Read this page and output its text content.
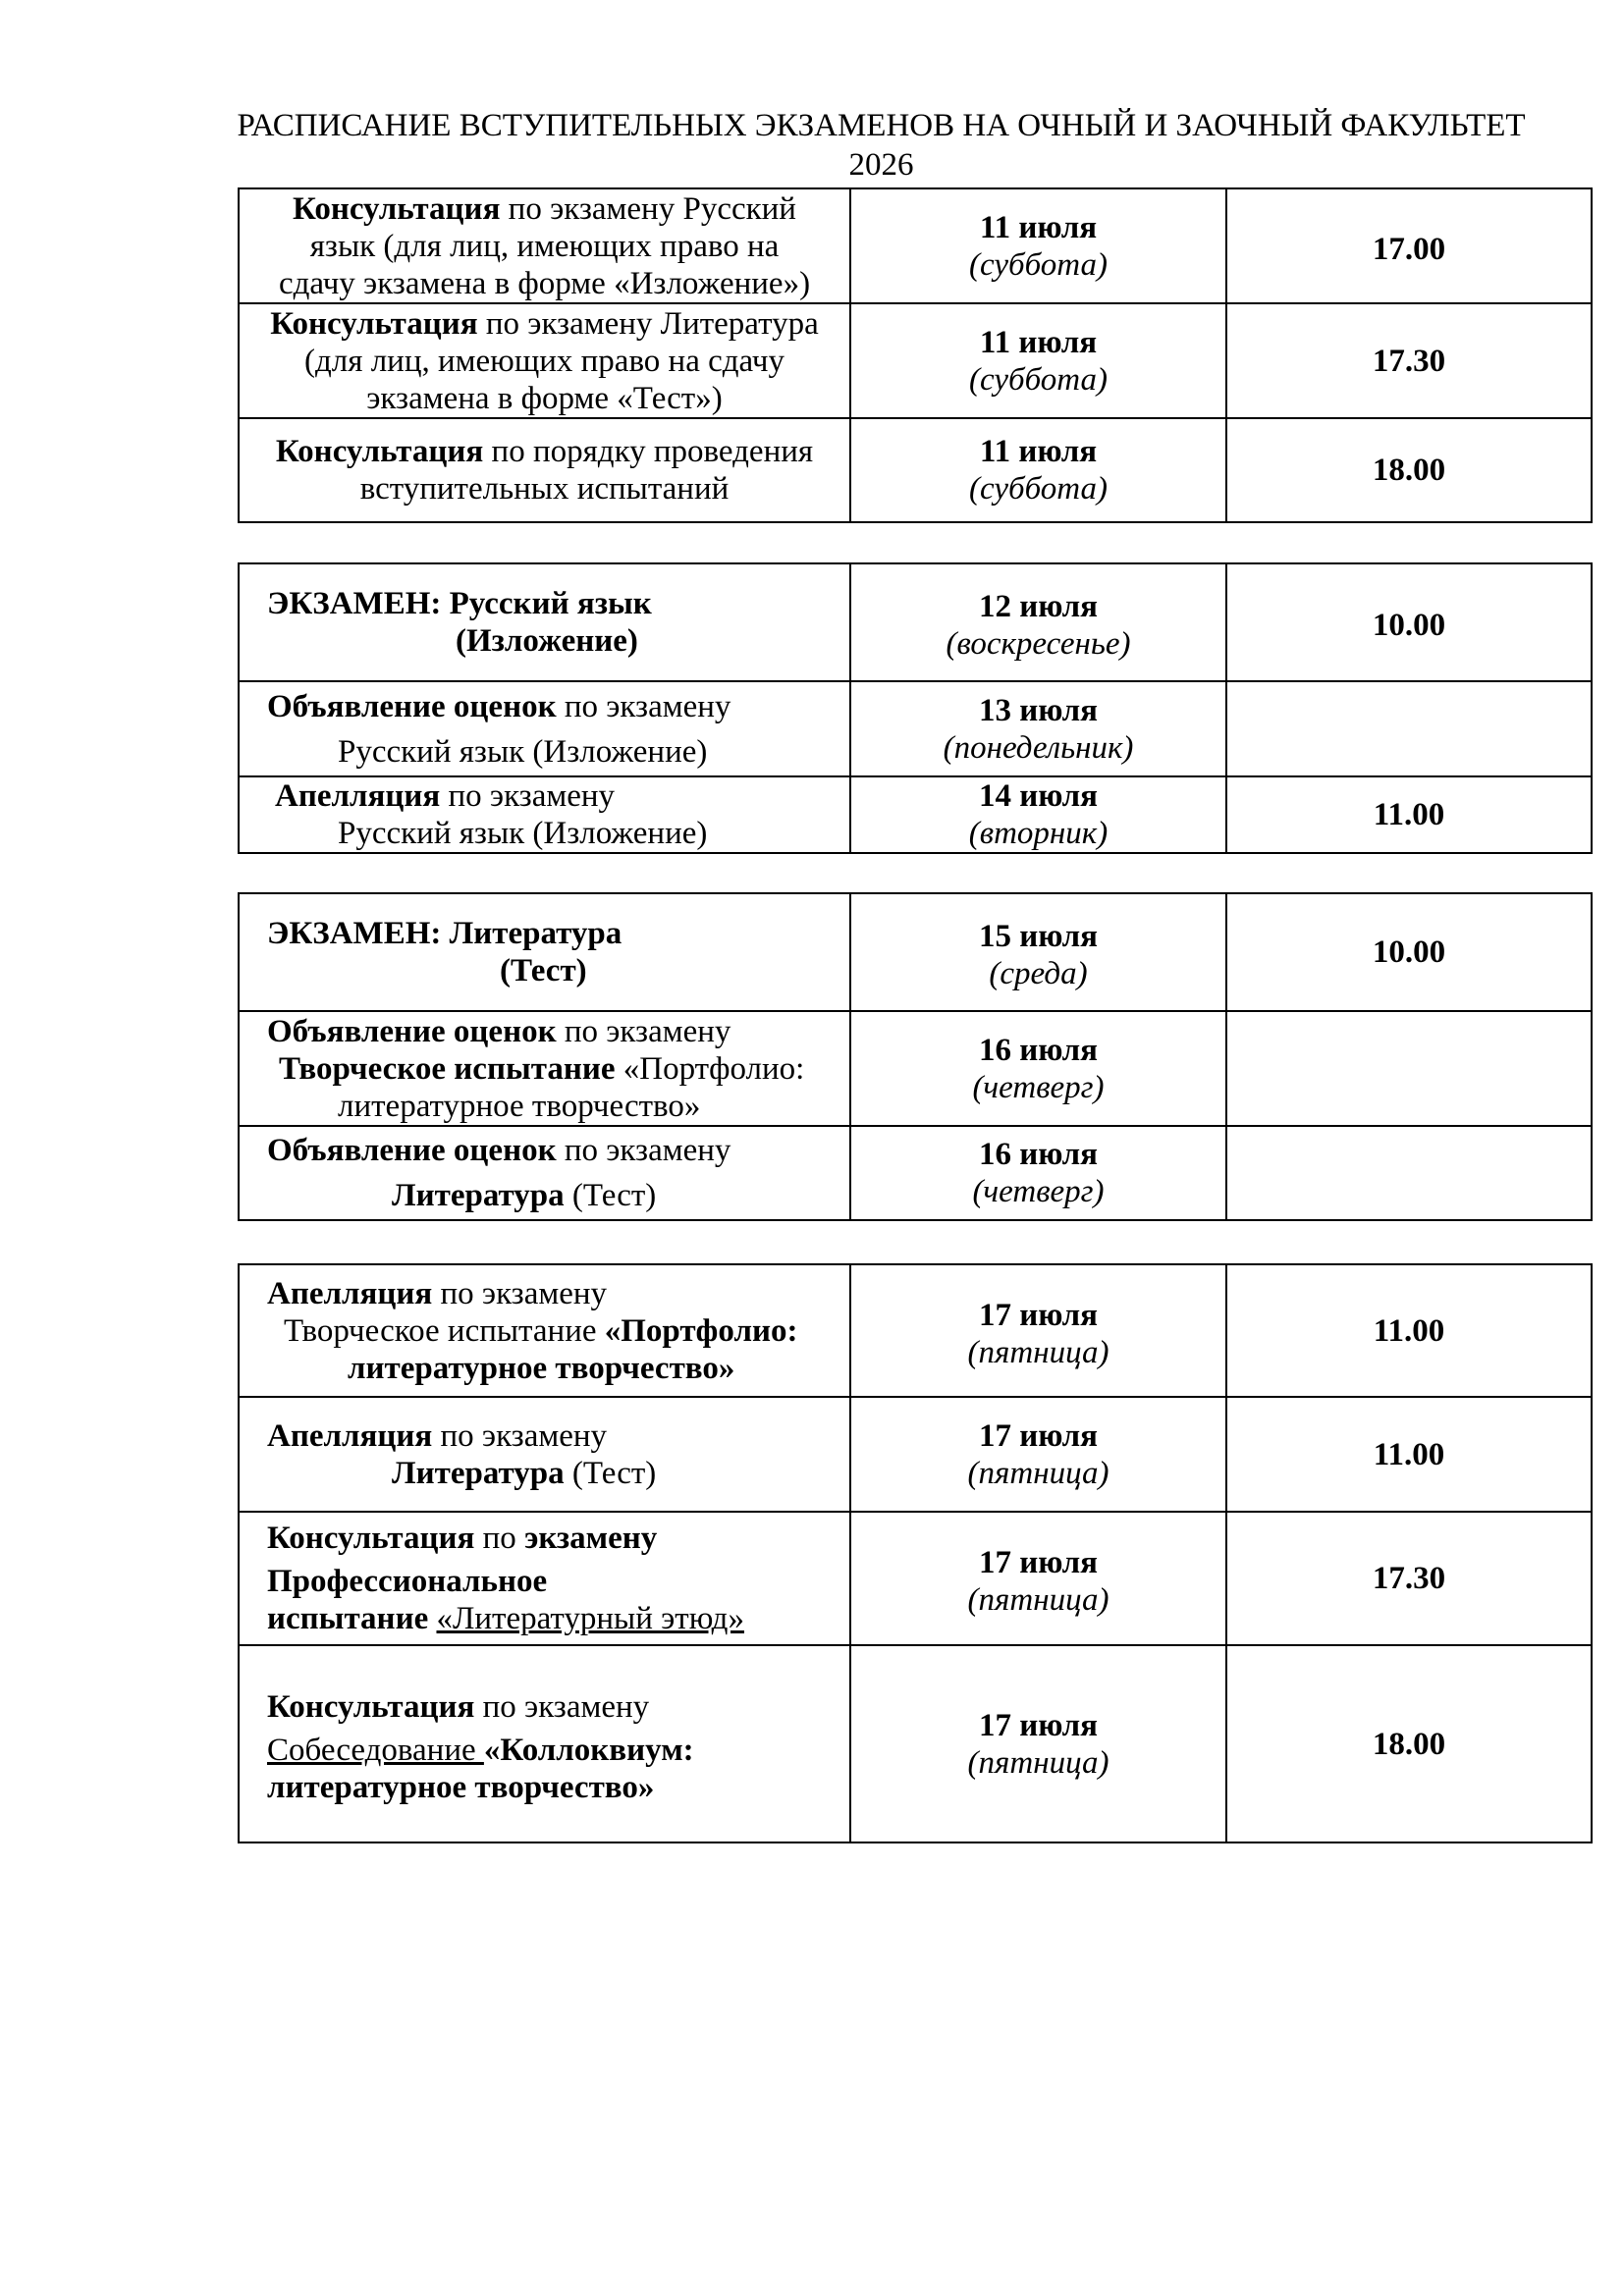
РАСПИСАНИЕ ВСТУПИТЕЛЬНЫХ ЭКЗАМЕНОВ НА ОЧНЫЙ И ЗАОЧНЫЙ ФАКУЛЬТЕТ
2026
Консультация по экзамену Русский
язык (для лиц, имеющих право на
сдачу экзамена в форме «Изложение»)	11 июля
(суббота)	17.00
Консультация по экзамену Литература
(для лиц, имеющих право на сдачу
экзамена в форме «Тест»)	11 июля
(суббота)	17.30
Консультация по порядку проведения
вступительных испытаний	11 июля
(суббота)	18.00
ЭКЗАМЕН: Русский язык
(Изложение)	12 июля
(воскресенье)	10.00

Объявление оценок по экзамену
Русский язык (Изложение)	13 июля
(понедельник)	

Апелляция по экзамену
Русский язык (Изложение)	14 июля
(вторник)	11.00
ЭКЗАМЕН: Литература
(Тест)	15 июля
(среда)	10.00

Объявление оценок по экзамену
Творческое испытание «Портфолио:
литературное творчество»	16 июля
(четверг)	

Объявление оценок по экзамену
Литература (Тест)	16 июля
(четверг)	

Апелляция по экзамену
Творческое испытание «Портфолио:
литературное творчество»	17 июля
(пятница)	11.00

Апелляция по экзамену
Литература (Тест)	17 июля
(пятница)	11.00

Консультация по экзамену
Профессиональное
испытание «Литературный этюд»	17 июля
(пятница)	17.30

Консультация по экзамену
Собеседование «Коллоквиум:
литературное творчество»	17 июля
(пятница)	18.00
